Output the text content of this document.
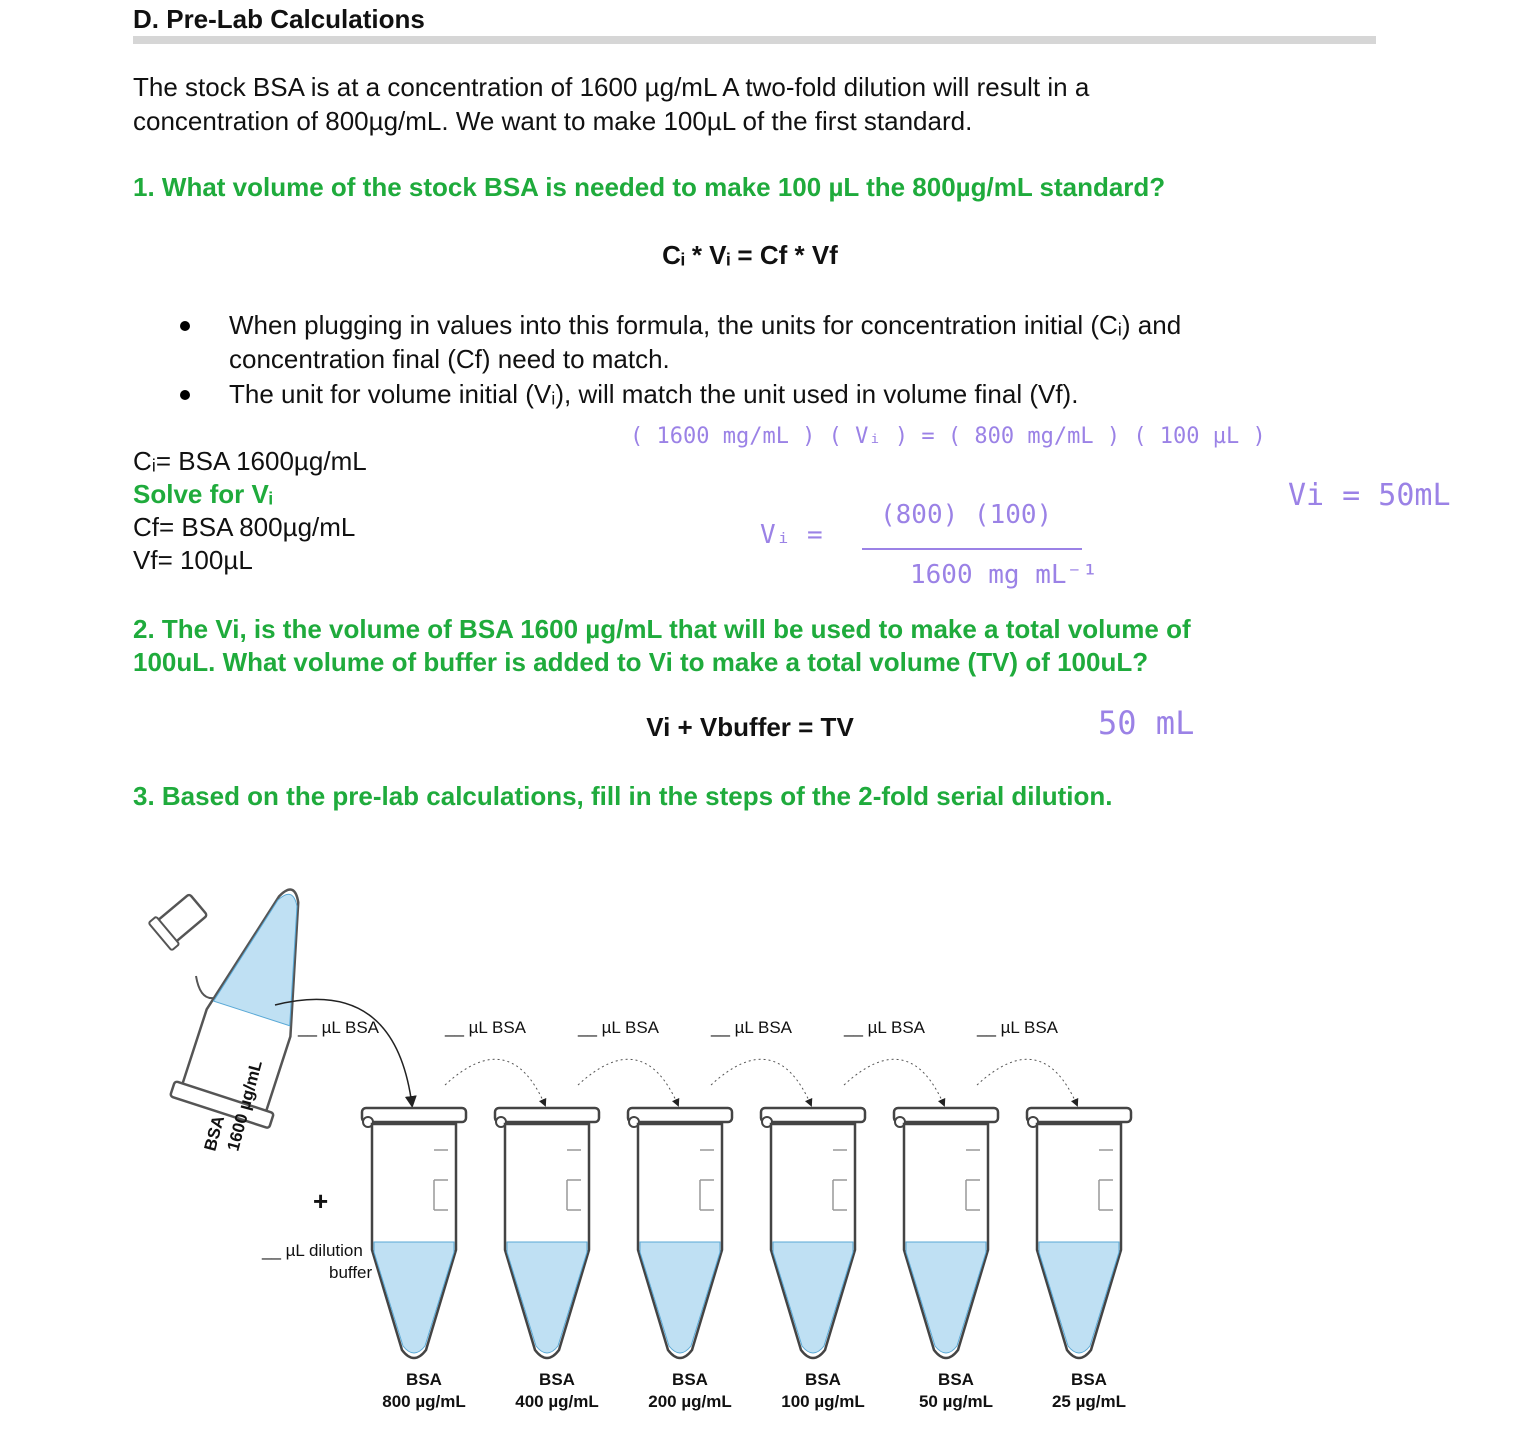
D. Pre-Lab Calculations
The stock BSA is at a concentration of 1600 µg/mL A two-fold dilution will result in a
concentration of 800µg/mL. We want to make 100µL of the first standard.
1. What volume of the stock BSA is needed to make 100 µL the 800µg/mL standard?
Cᵢ * Vᵢ = Cf * Vf
When plugging in values into this formula, the units for concentration initial (Cᵢ) and
concentration final (Cf) need to match.
The unit for volume initial (Vᵢ), will match the unit used in volume final (Vf).
Cᵢ= BSA 1600µg/mL
Solve for Vᵢ
Cf= BSA 800µg/mL
Vf= 100µL
( 1600 mg/mL ) ( Vᵢ ) = ( 800 mg/mL ) ( 100 µL )
Vᵢ =
(800) (100)
1600 mg mL⁻¹
Vi = 50mL
2. The Vi, is the volume of BSA 1600 µg/mL that will be used to make a total volume of
100uL. What volume of buffer is added to Vi to make a total volume (TV) of 100uL?
Vi + Vbuffer = TV	50 mL
3. Based on the pre-lab calculations, fill in the steps of the 2-fold serial dilution.
BSA
1600 µg/mL
__ µL BSA	__ µL BSA	__ µL BSA	__ µL BSA	__ µL BSA	__ µL BSA
+
__ µL dilution
buffer
BSA
800 µg/mL
BSA
400 µg/mL
BSA
200 µg/mL
BSA
100 µg/mL
BSA
50 µg/mL
BSA
25 µg/mL
